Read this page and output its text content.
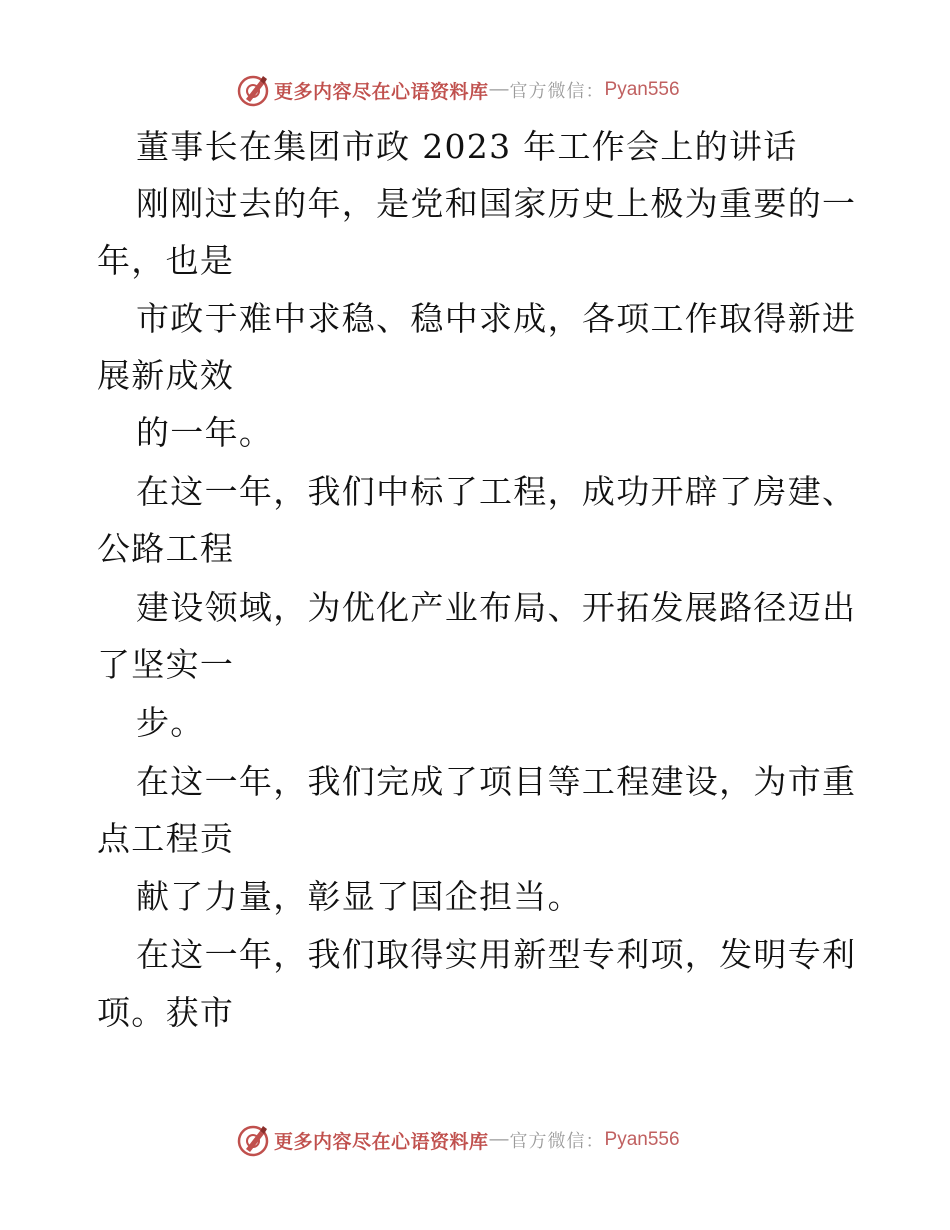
更多内容尽在心语资料库 — 官方微信： Pyan556

董事长在集团市政 2023 年工作会上的讲话

刚刚过去的年，是党和国家历史上极为重要的一

年，也是

市政于难中求稳、稳中求成，各项工作取得新进

展新成效

的一年。

在这一年，我们中标了工程，成功开辟了房建、

公路工程

建设领域，为优化产业布局、开拓发展路径迈出

了坚实一

步。

在这一年，我们完成了项目等工程建设，为市重

点工程贡

献了力量，彰显了国企担当。

在这一年，我们取得实用新型专利项，发明专利

项。获市

更多内容尽在心语资料库 — 官方微信： Pyan556
